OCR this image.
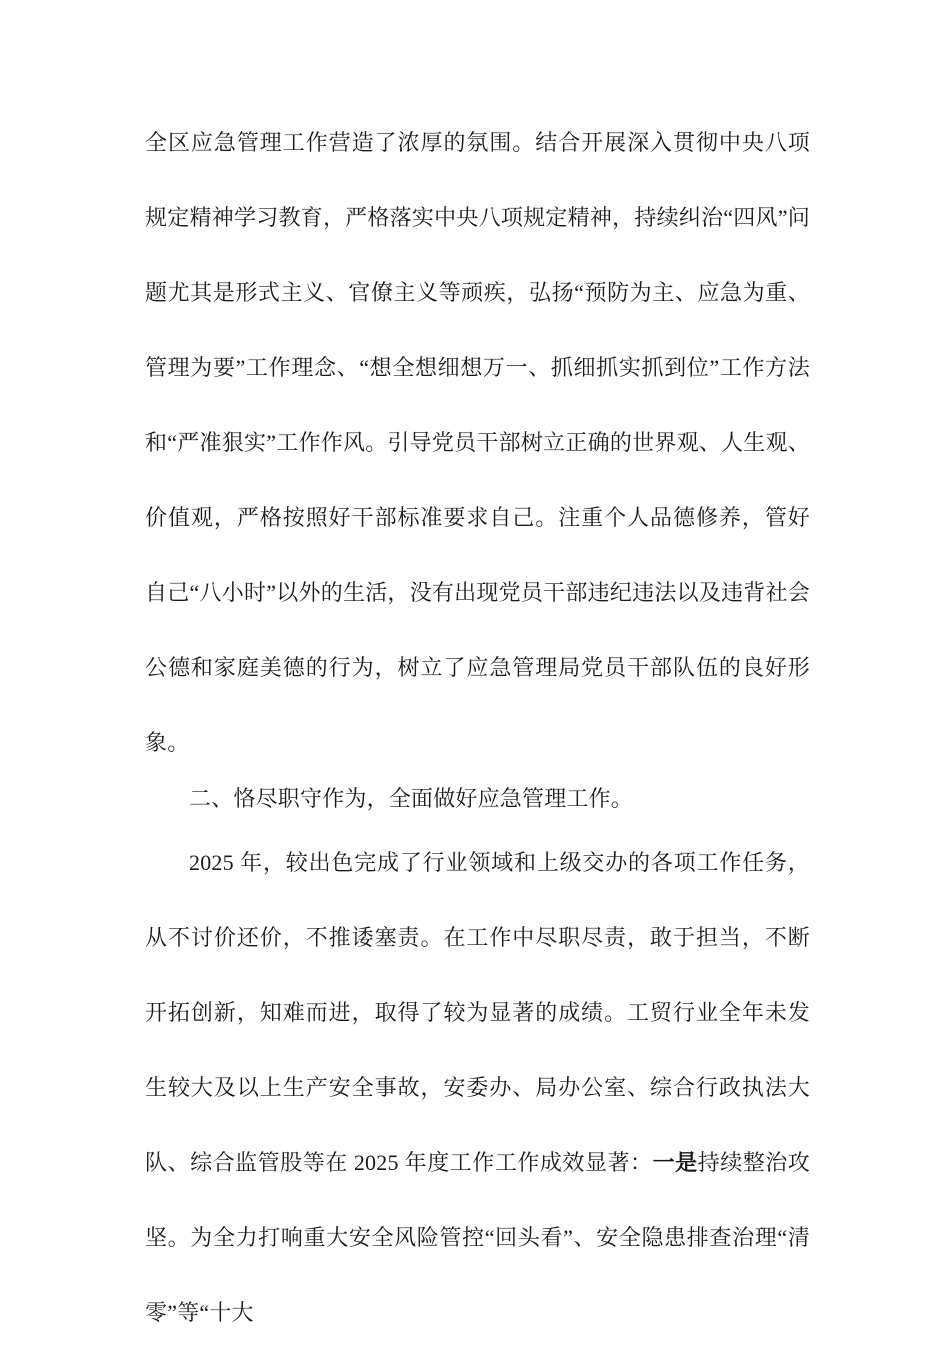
全区应急管理工作营造了浓厚的氛围。结合开展深入贯彻中央八项规定精神学习教育，严格落实中央八项规定精神，持续纠治“四风”问题尤其是形式主义、官僚主义等顽疾，弘扬“预防为主、应急为重、管理为要”工作理念、“想全想细想万一、抓细抓实抓到位”工作方法和“严准狠实”工作作风。引导党员干部树立正确的世界观、人生观、价值观，严格按照好干部标准要求自己。注重个人品德修养，管好自己“八小时”以外的生活，没有出现党员干部违纪违法以及违背社会公德和家庭美德的行为，树立了应急管理局党员干部队伍的良好形象。

二、恪尽职守作为，全面做好应急管理工作。

2025 年，较出色完成了行业领域和上级交办的各项工作任务，从不讨价还价，不推诿塞责。在工作中尽职尽责，敢于担当，不断开拓创新，知难而进，取得了较为显著的成绩。工贸行业全年未发生较大及以上生产安全事故，安委办、局办公室、综合行政执法大队、综合监管股等在 2025 年度工作工作成效显著：一是持续整治攻坚。为全力打响重大安全风险管控“回头看”、安全隐患排查治理“清零”等“十大
